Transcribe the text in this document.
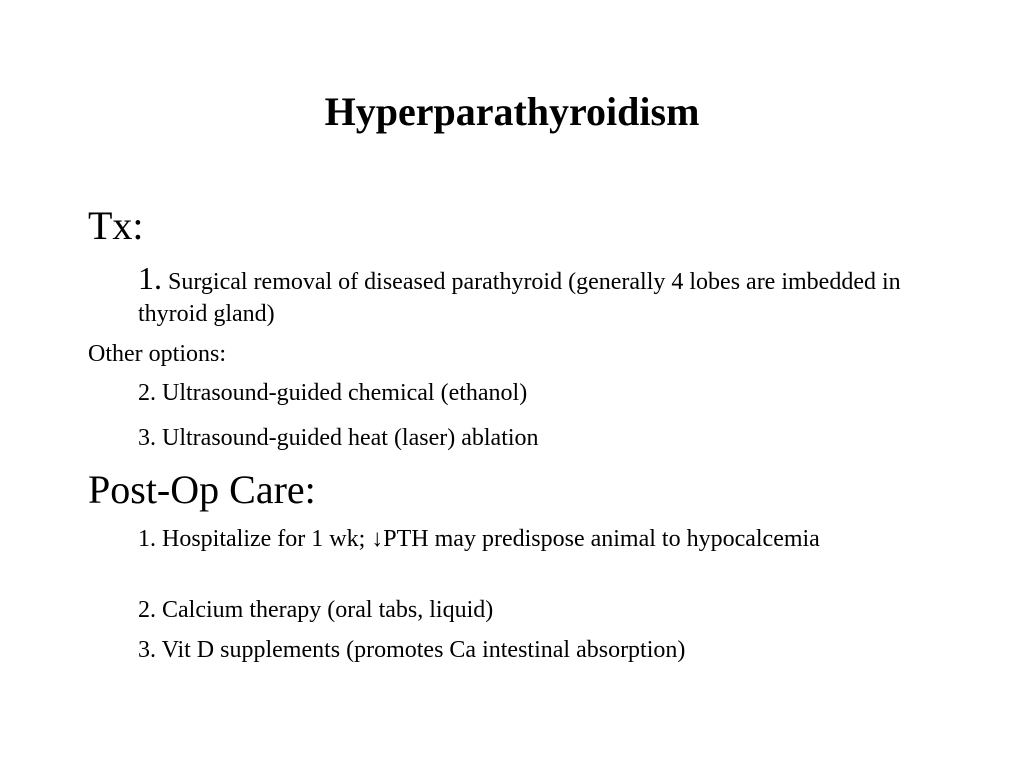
Hyperparathyroidism

Tx:

1. Surgical removal of diseased parathyroid (generally 4 lobes are imbedded in thyroid gland)

Other options:

2. Ultrasound-guided chemical (ethanol)

3. Ultrasound-guided heat (laser) ablation

Post-Op Care:

1. Hospitalize for 1 wk; ↓PTH may predispose animal to hypocalcemia

2. Calcium therapy (oral tabs, liquid)

3. Vit D supplements (promotes Ca intestinal absorption)
